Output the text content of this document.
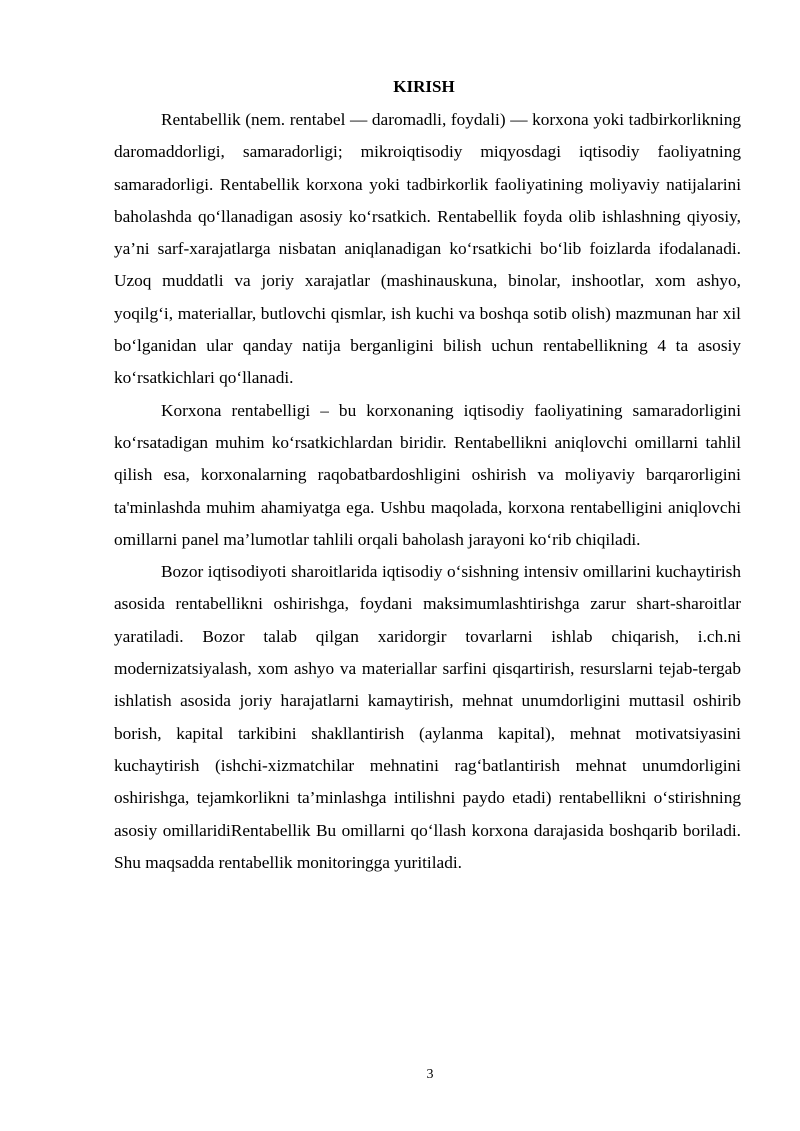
KIRISH

Rentabellik (nem. rentabel — daromadli, foydali) — korxona yoki tadbirkorlikning daromaddorligi, samaradorligi; mikroiqtisodiy miqyosdagi iqtisodiy faoliyatning samaradorligi. Rentabellik korxona yoki tadbirkorlik faoliyatining moliyaviy natijalarini baholashda qoʻllanadigan asosiy koʻrsatkich. Rentabellik foyda olib ishlashning qiyosiy, ya’ni sarf-xarajatlarga nisbatan aniqlanadigan koʻrsatkichi boʻlib foizlarda ifodalanadi. Uzoq muddatli va joriy xarajatlar (mashinauskuna, binolar, inshootlar, xom ashyo, yoqilgʻi, materiallar, butlovchi qismlar, ish kuchi va boshqa sotib olish) mazmunan har xil boʻlganidan ular qanday natija berganligini bilish uchun rentabellikning 4 ta asosiy koʻrsatkichlari qoʻllanadi.

Korxona rentabelligi – bu korxonaning iqtisodiy faoliyatining samaradorligini koʻrsatadigan muhim koʻrsatkichlardan biridir. Rentabellikni aniqlovchi omillarni tahlil qilish esa, korxonalarning raqobatbardoshligini oshirish va moliyaviy barqarorligini ta'minlashda muhim ahamiyatga ega. Ushbu maqolada, korxona rentabelligini aniqlovchi omillarni panel ma’lumotlar tahlili orqali baholash jarayoni koʻrib chiqiladi.

Bozor iqtisodiyoti sharoitlarida iqtisodiy oʻsishning intensiv omillarini kuchaytirish asosida rentabellikni oshirishga, foydani maksimumlashtirishga zarur shart-sharoitlar yaratiladi. Bozor talab qilgan xaridorgir tovarlarni ishlab chiqarish, i.ch.ni modernizatsiyalash, xom ashyo va materiallar sarfini qisqartirish, resurslarni tejab-tergab ishlatish asosida joriy harajatlarni kamaytirish, mehnat unumdorligini muttasil oshirib borish, kapital tarkibini shakllantirish (aylanma kapital), mehnat motivatsiyasini kuchaytirish (ishchi-xizmatchilar mehnatini ragʻbatlantirish mehnat unumdorligini oshirishga, tejamkorlikni ta’minlashga intilishni paydo etadi) rentabellikni oʻstirishning asosiy omillaridiRentabellik Bu omillarni qoʻllash korxona darajasida boshqarib boriladi. Shu maqsadda rentabellik monitoringga yuritiladi.

3
